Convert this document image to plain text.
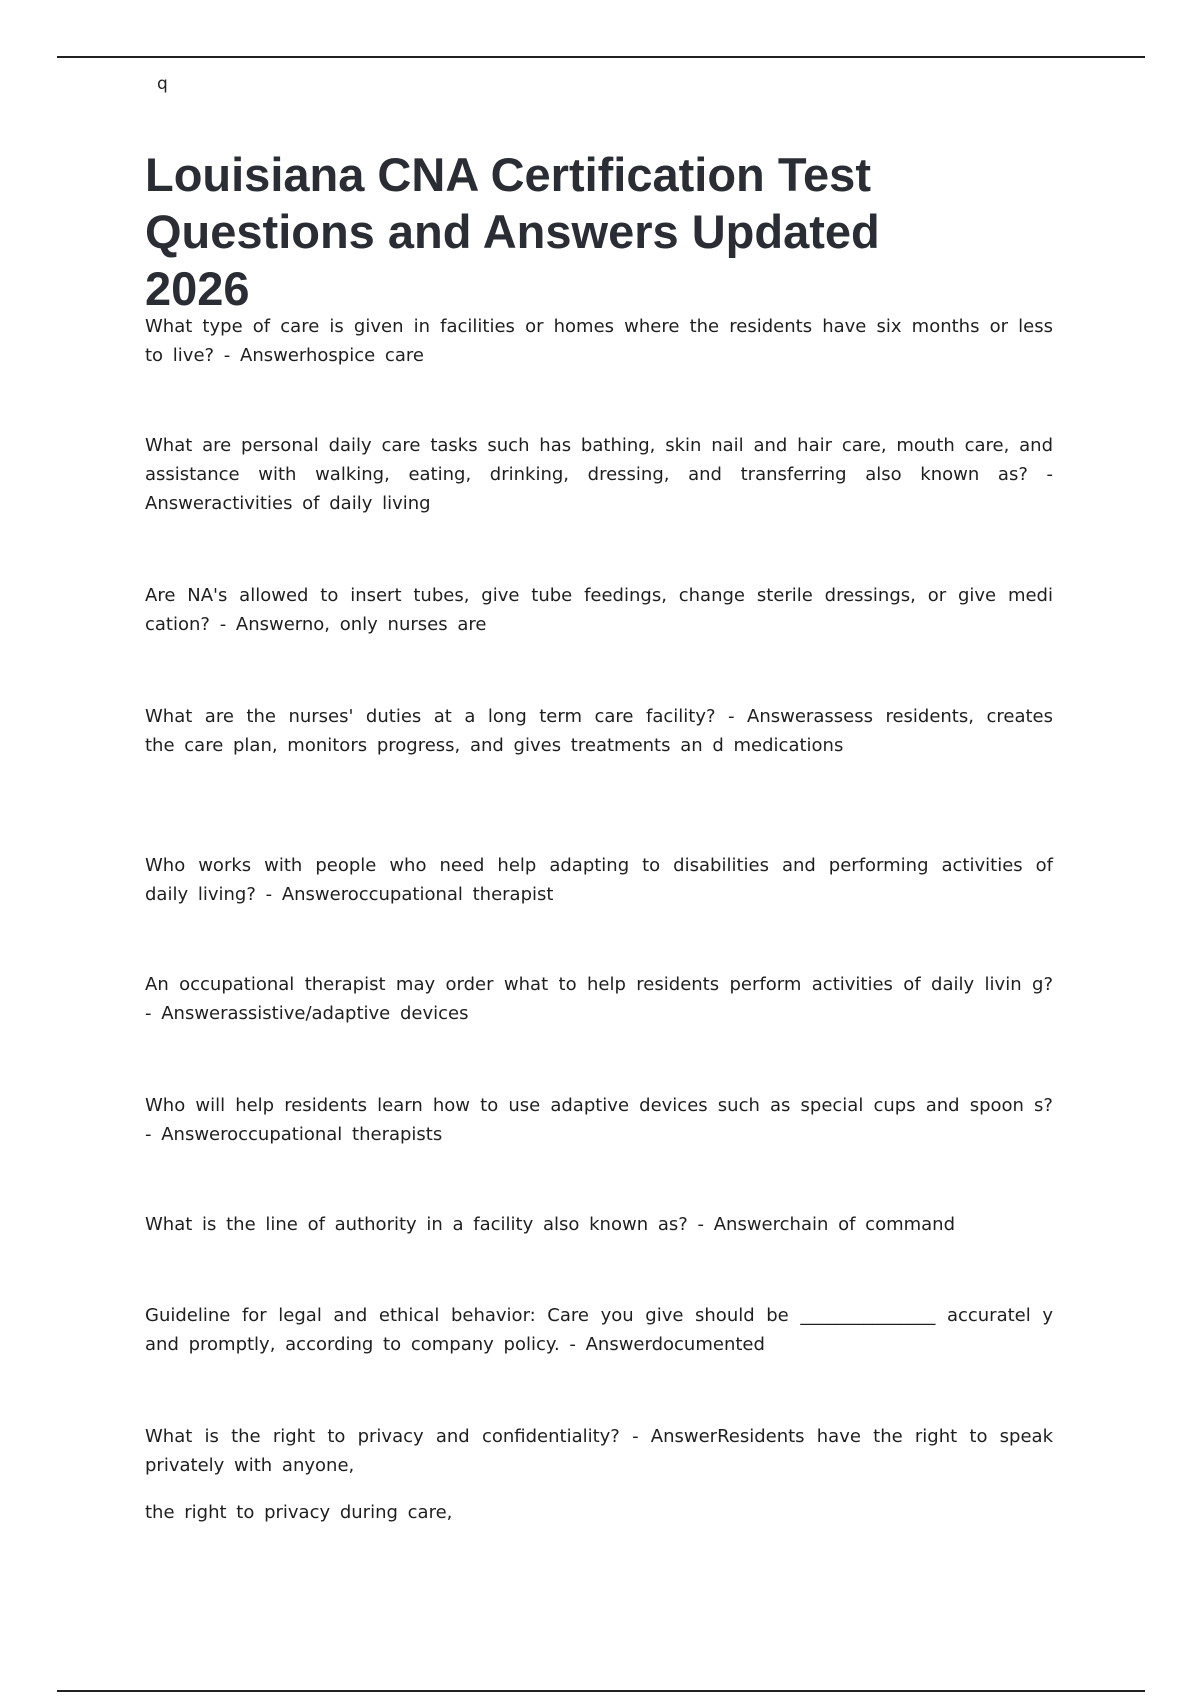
q
Louisiana CNA Certification Test Questions and Answers Updated 2026

What type of care is given in facilities or homes where the residents have six months or less to live? - Answerhospice care

What are personal daily care tasks such has bathing, skin nail and hair care, mouth care, and assistance with walking, eating, drinking, dressing, and transferring also known as? - Answeractivities of daily living

Are NA's allowed to insert tubes, give tube feedings, change sterile dressings, or give medi cation? - Answerno, only nurses are

What are the nurses' duties at a long term care facility? - Answerassess residents, creates the care plan, monitors progress, and gives treatments an d medications

Who works with people who need help adapting to disabilities and performing activities of daily living? - Answeroccupational therapist

An occupational therapist may order what to help residents perform activities of daily livin g? - Answerassistive/adaptive devices

Who will help residents learn how to use adaptive devices such as special cups and spoon s? - Answeroccupational therapists

What is the line of authority in a facility also known as? - Answerchain of command

Guideline for legal and ethical behavior: Care you give should be _______________ accuratel y and promptly, according to company policy. - Answerdocumented

What is the right to privacy and confidentiality? - AnswerResidents have the right to speak privately with anyone,

the right to privacy during care,
